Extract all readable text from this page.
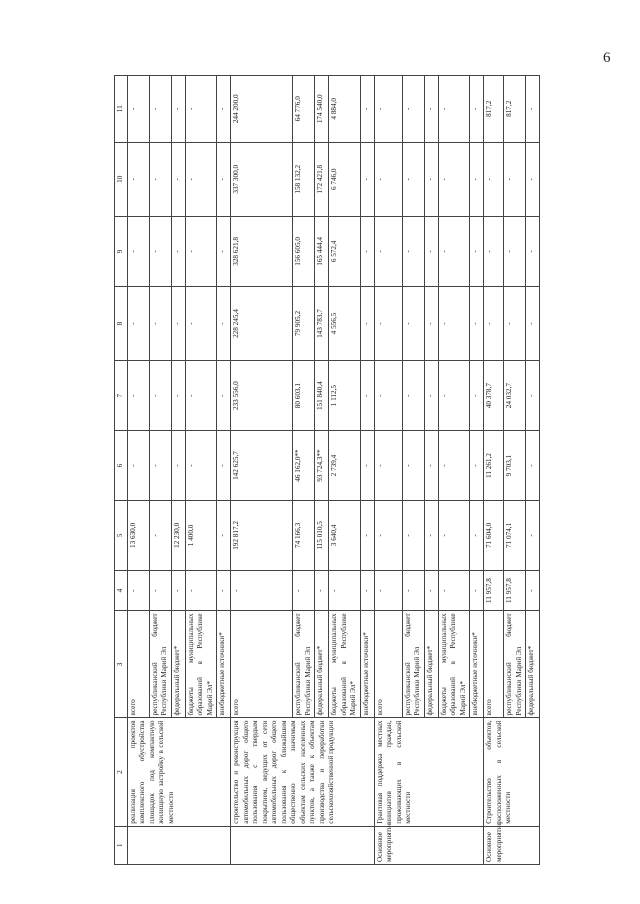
6
1	2	3	4	5	6	7	8	9	10	11
	реализация проектов комплексного обустройства площадок под компактную жилищную застройку в сельской местности	всего	-	13 630,0	-	-	-	-	-	-
		республиканский бюджет Республики Марий Эл	-	-	-	-	-	-	-	-
		федеральный бюджет*	-	12 230,0	-	-	-	-	-	-
		бюджеты муниципальных образований в Республике Марий Эл*	-	1 400,0	-	-	-	-	-	-
		внебюджетные источники*	-	-	-	-	-	-	-	-
	строительство и реконструкция автомобильных дорог общего пользования с твердым покрытием, ведущих от сети автомобильных дорог общего пользования к ближайшим общественно значимым объектам сельских населенных пунктов, а также к объектам производства и переработки сельскохозяйственной продукции	всего	-	192 817,2	142 625,7	233 556,0	228 245,4	328 621,8	337 300,0	244 200,0
		республиканский бюджет Республики Марий Эл	-	74 166,3	46 162,0**	80 603,1	79 905,2	156 605,0	158 132,2	64 776,0
		федеральный бюджет*	-	115 010,5	93 724,3**	151 840,4	143 783,7	165 444,4	172 421,8	174 540,0
		бюджеты муниципальных образований в Республике Марий Эл*	-	3 640,4	2 739,4	1 112,5	4 556,5	6 572,4	6 746,0	4 884,0
		внебюджетные источники*	-	-	-	-	-	-	-	-
Основное мероприятие	Грантовая поддержка местных инициатив граждан, проживающих в сельской местности	всего	-	-	-	-	-	-	-	-
		республиканский бюджет Республики Марий Эл	-	-	-	-	-	-	-	-
		федеральный бюджет*	-	-	-	-	-	-	-	-
		бюджеты муниципальных образований в Республике Марий Эл*	-	-	-	-	-	-	-	-
		внебюджетные источники*	-	-	-	-	-	-	-	-
Основное мероприятие	Строительство объектов, расположенных в сельской местности	всего	11 957,8	71 604,0	11 261,2	40 378,7	-	-	-	817,2
		республиканский бюджет Республики Марий Эл	11 957,8	71 074,1	9 703,1	24 032,7	-	-	-	817,2
		федеральный бюджет*	-	-	-	-	-	-	-	-
